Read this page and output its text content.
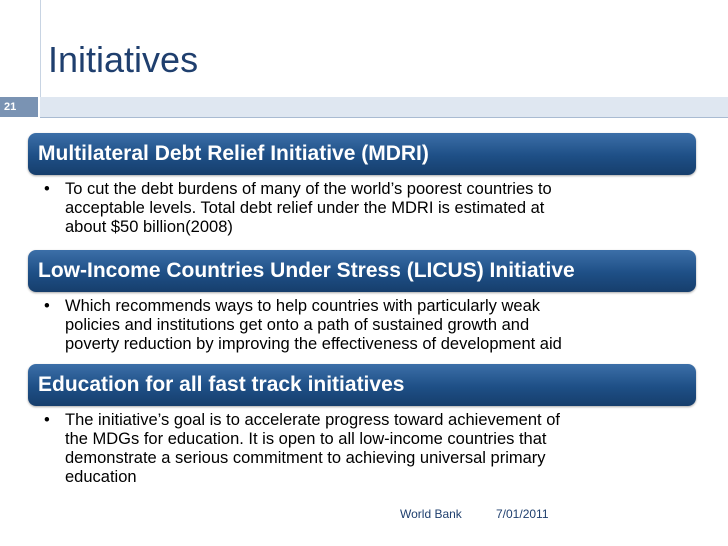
Initiatives
21
Multilateral Debt Relief Initiative (MDRI)
• To cut the debt burdens of many of the world’s poorest countries to
acceptable levels. Total debt relief under the MDRI is estimated at
about $50 billion(2008)
Low-Income Countries Under Stress (LICUS) Initiative
• Which recommends ways to help countries with particularly weak
policies and institutions get onto a path of sustained growth and
poverty reduction by improving the effectiveness of development aid
Education for all fast track initiatives
• The initiative’s goal is to accelerate progress toward achievement of
the MDGs for education. It is open to all low-income countries that
demonstrate a serious commitment to achieving universal primary
education
World Bank	7/01/2011
